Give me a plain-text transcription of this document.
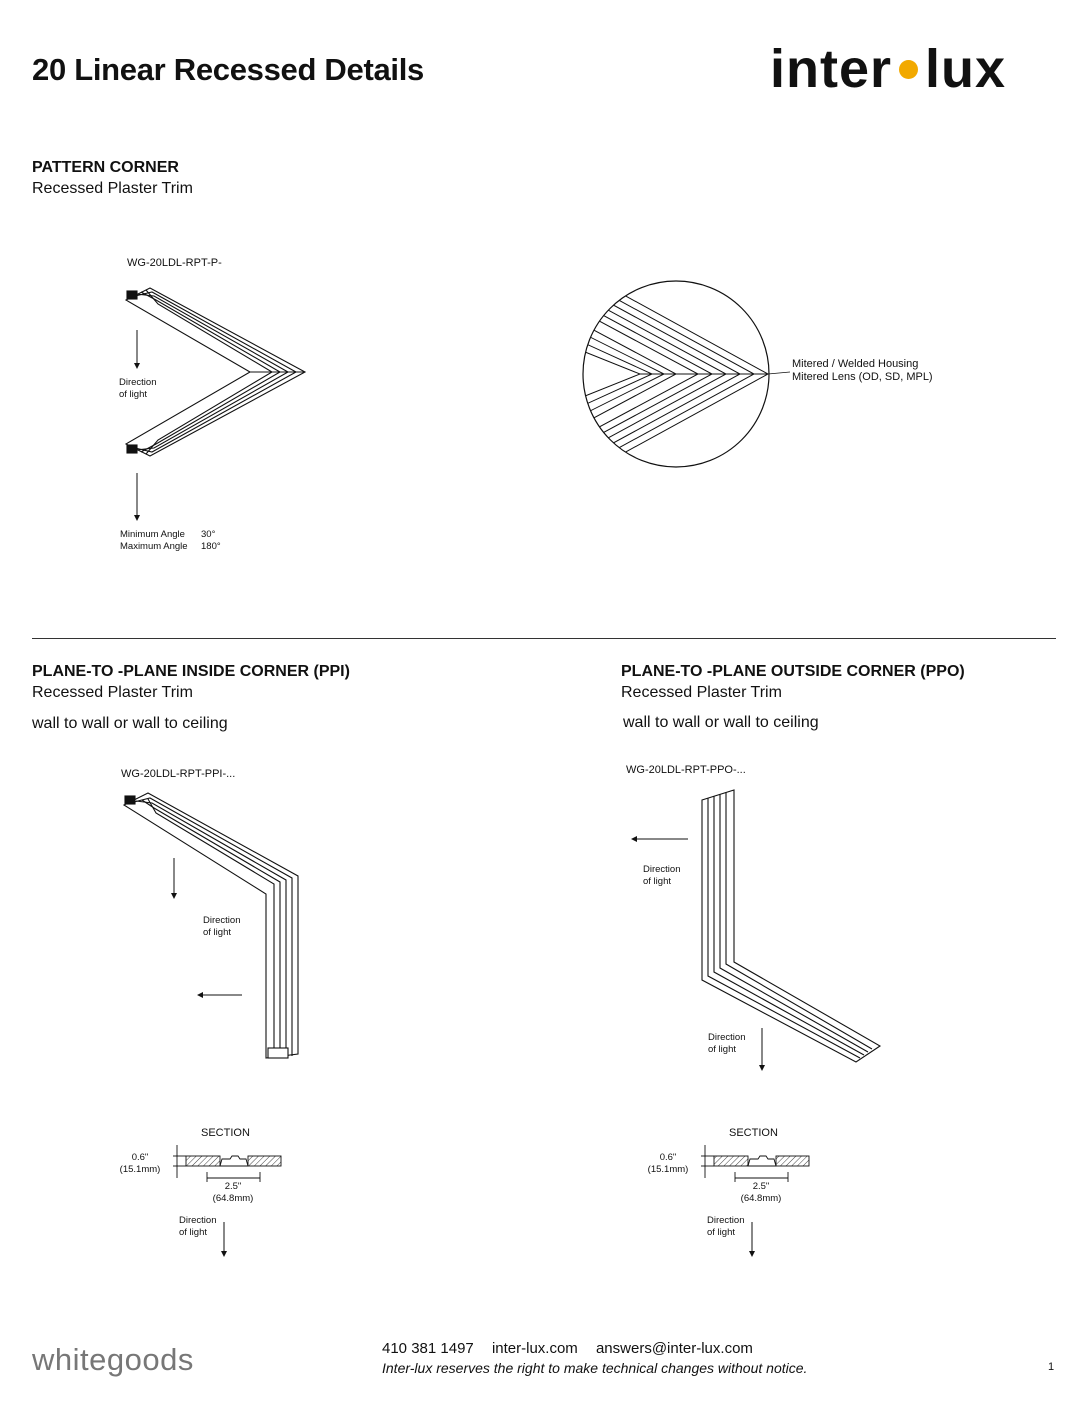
20 Linear Recessed Details	inter lux
PATTERN CORNER
Recessed Plaster Trim
WG-20LDL-RPT-P-
Direction
of light
Minimum Angle 30°
Maximum Angle 180°
Mitered / Welded Housing
Mitered Lens (OD, SD, MPL)
PLANE-TO -PLANE INSIDE CORNER (PPI)
Recessed Plaster Trim
wall to wall or wall to ceiling
WG-20LDL-RPT-PPI-...
Direction
of light
SECTION
0.6"
(15.1mm)
2.5"
(64.8mm)
Direction
of light
PLANE-TO -PLANE OUTSIDE CORNER (PPO)
Recessed Plaster Trim
wall to wall or wall to ceiling
WG-20LDL-RPT-PPO-...
Direction
of light
Direction
of light
SECTION
0.6"
(15.1mm)
2.5"
(64.8mm)
Direction
of light
whitegoods	410 381 1497 inter-lux.com answers@inter-lux.com
Inter-lux reserves the right to make technical changes without notice.	1
